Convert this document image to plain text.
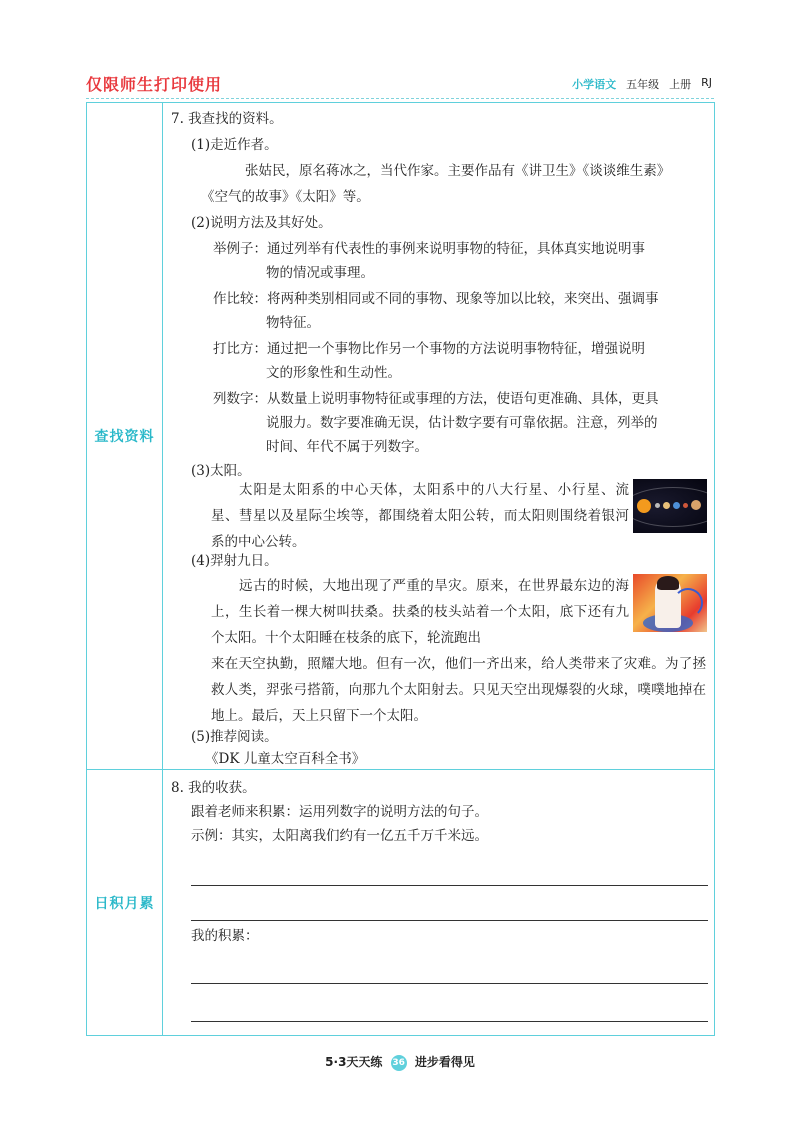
仅限师生打印使用	小学语文 五年级 上册 RJ
查找资料
7. 我查找的资料。
(1)走近作者。
张姑民，原名蒋冰之，当代作家。主要作品有《讲卫生》《谈谈维生素》
《空气的故事》《太阳》等。
(2)说明方法及其好处。
举例子：通过列举有代表性的事例来说明事物的特征，具体真实地说明事
物的情况或事理。
作比较：将两种类别相同或不同的事物、现象等加以比较，来突出、强调事
物特征。
打比方：通过把一个事物比作另一个事物的方法说明事物特征，增强说明
文的形象性和生动性。
列数字：从数量上说明事物特征或事理的方法，使语句更准确、具体，更具
说服力。数字要准确无误，估计数字要有可靠依据。注意，列举的
时间、年代不属于列数字。
(3)太阳。
太阳是太阳系的中心天体，太阳系中的八大行星、小行星、流星、彗星以及星际尘埃等，都围绕着太阳公转，而太阳则围绕着银河系的中心公转。
(4)羿射九日。
远古的时候，大地出现了严重的旱灾。原来，在世界最东边的海上，生长着一棵大树叫扶桑。扶桑的枝头站着一个太阳，底下还有九个太阳。十个太阳睡在枝条的底下，轮流跑出
来在天空执勤，照耀大地。但有一次，他们一齐出来，给人类带来了灾难。为了拯救人类，羿张弓搭箭，向那九个太阳射去。只见天空出现爆裂的火球，噗噗地掉在地上。最后，天上只留下一个太阳。
(5)推荐阅读。
《DK 儿童太空百科全书》
日积月累
8. 我的收获。
跟着老师来积累：运用列数字的说明方法的句子。
示例：其实，太阳离我们约有一亿五千万千米远。
我的积累：
5·3天天练 36 进步看得见
